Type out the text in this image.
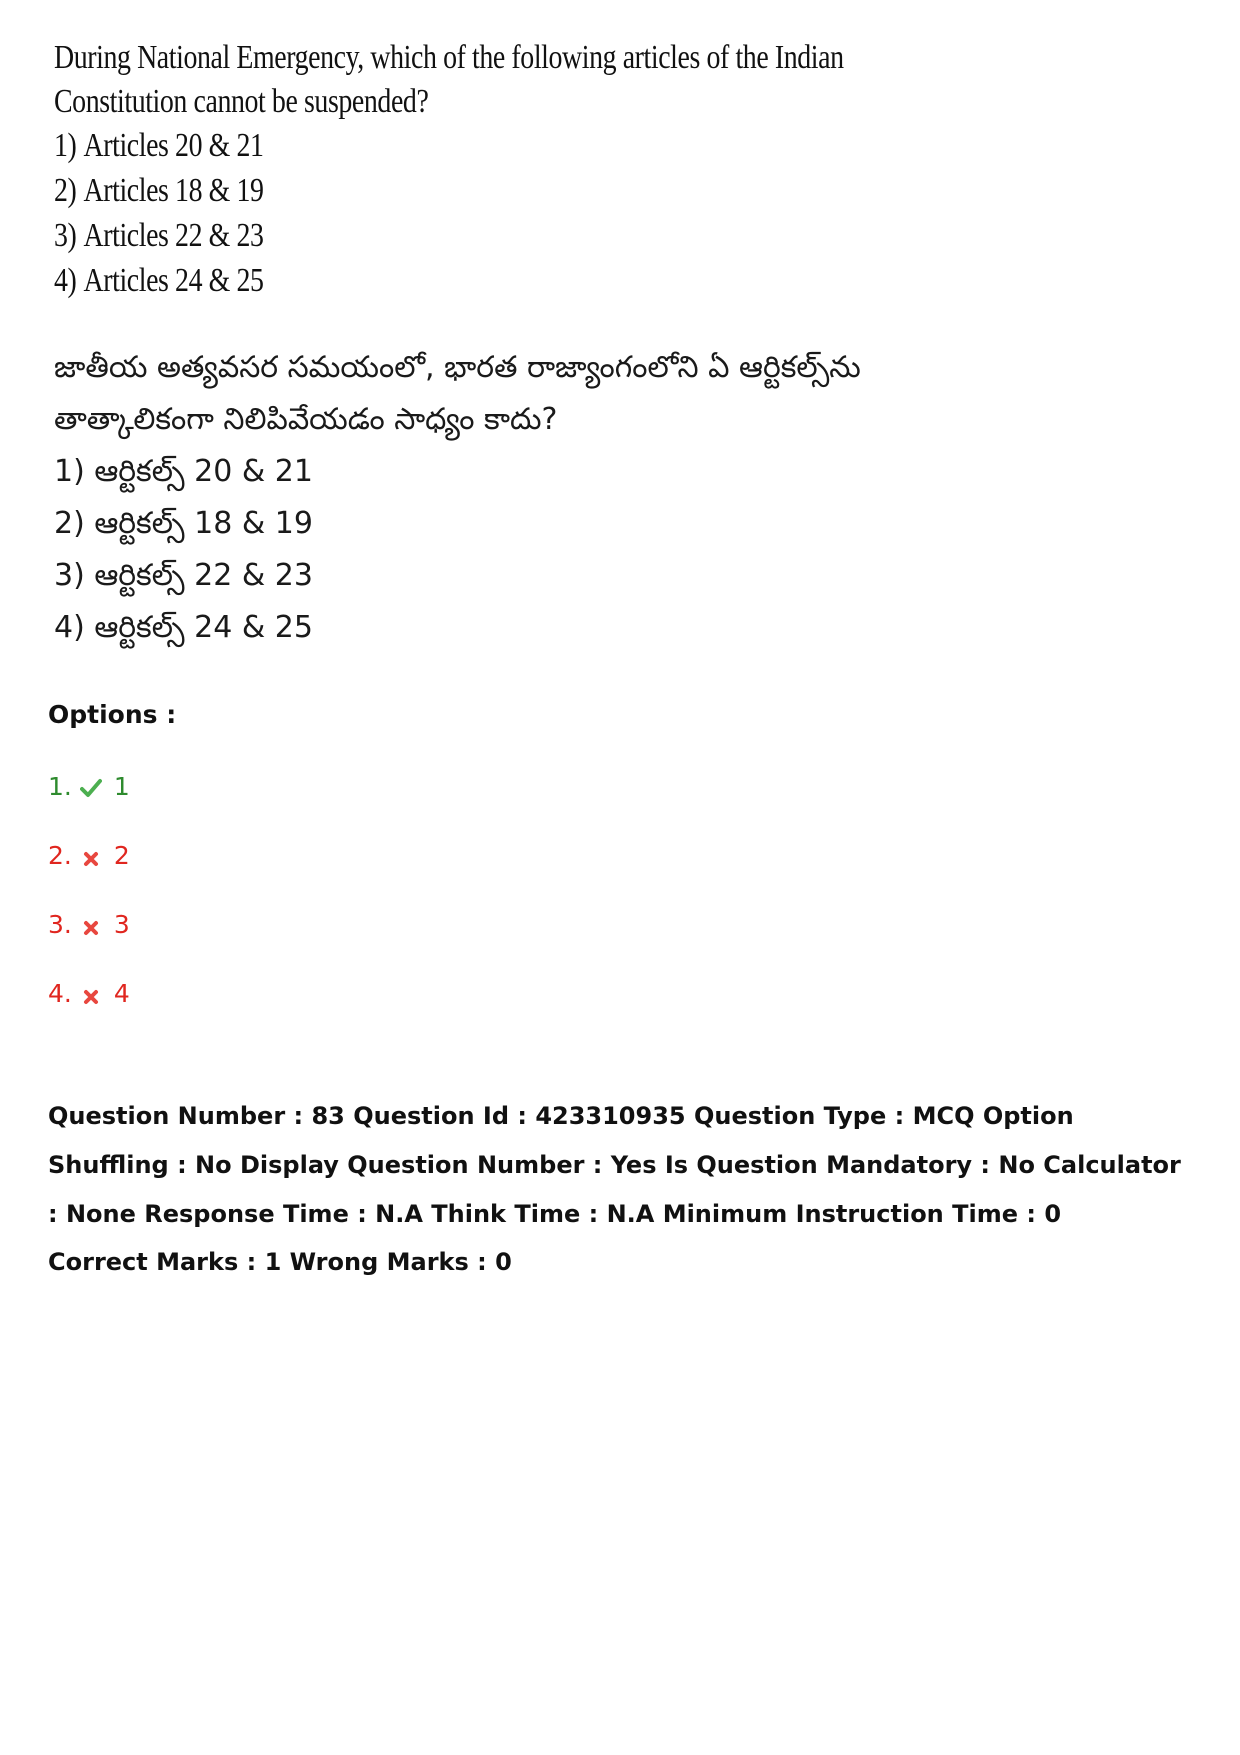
During National Emergency, which of the following articles of the Indian Constitution cannot be suspended?
1) Articles 20 & 21
2) Articles 18 & 19
3) Articles 22 & 23
4) Articles 24 & 25
జాతీయ అత్యవసర సమయంలో, భారత రాజ్యాంగంలోని ఏ ఆర్టికల్స్‌ను తాత్కాలికంగా నిలిపివేయడం సాధ్యం కాదు?
1) ఆర్టికల్స్ 20 & 21
2) ఆర్టికల్స్ 18 & 19
3) ఆర్టికల్స్ 22 & 23
4) ఆర్టికల్స్ 24 & 25
Options :
1. 1
2. 2
3. 3
4. 4
Question Number : 83 Question Id : 423310935 Question Type : MCQ Option Shuffling : No Display Question Number : Yes Is Question Mandatory : No Calculator : None Response Time : N.A Think Time : N.A Minimum Instruction Time : 0
Correct Marks : 1 Wrong Marks : 0
